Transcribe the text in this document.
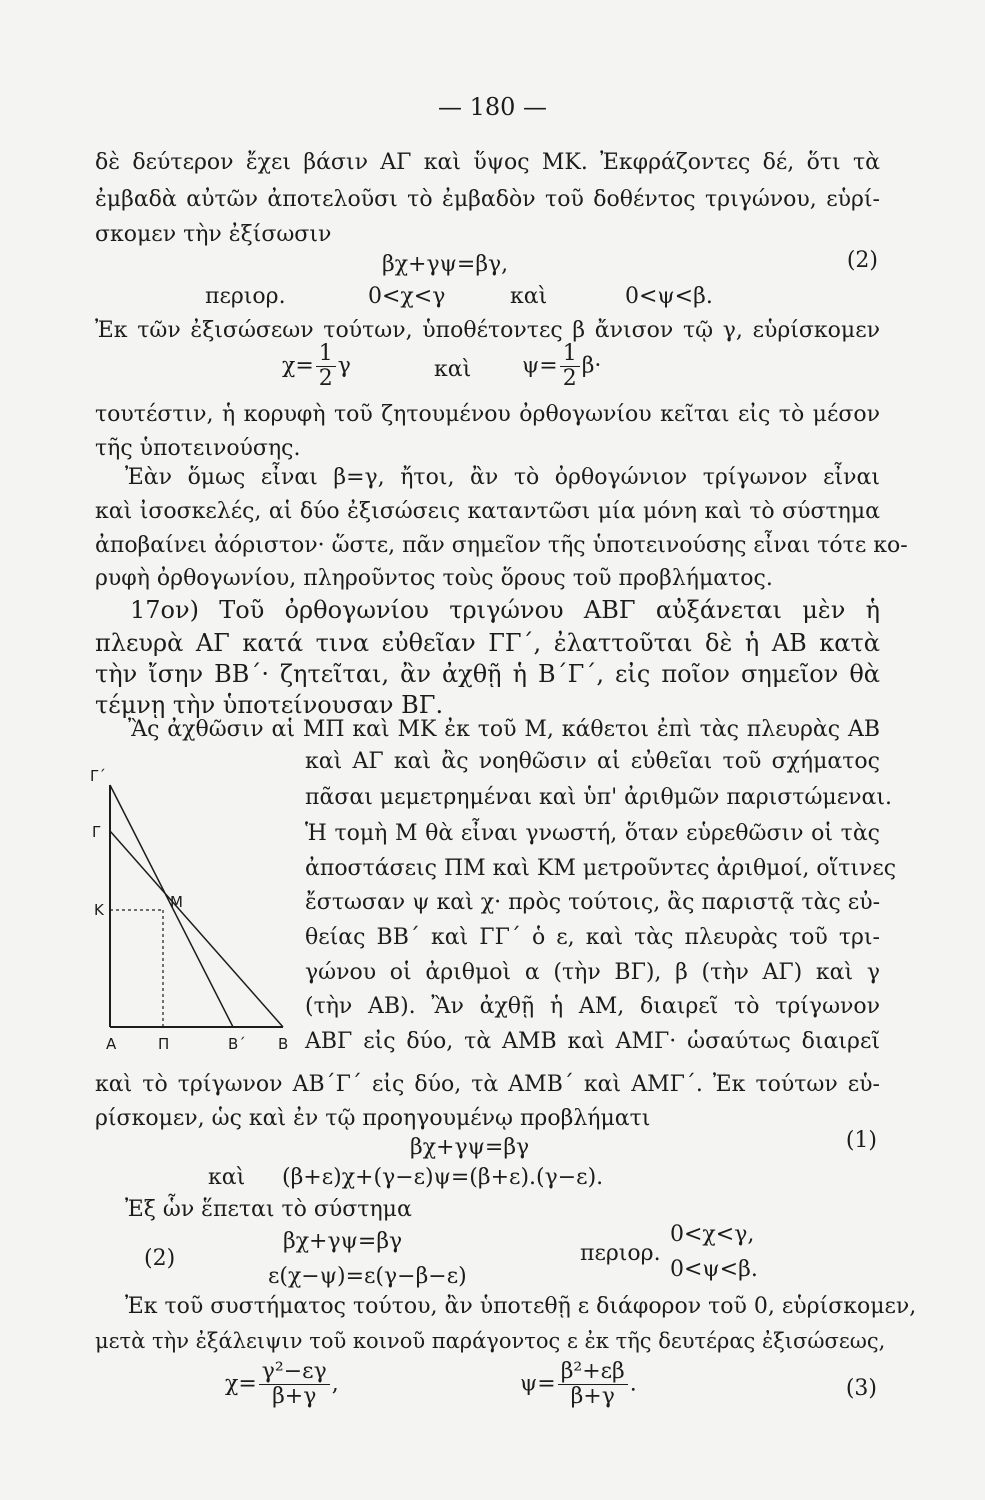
— 180 —
δὲ δεύτερον ἔχει βάσιν ΑΓ καὶ ὕψος ΜΚ. Ἐκφράζοντες δέ, ὅτι τὰ
ἐμβαδὰ αὐτῶν ἀποτελοῦσι τὸ ἐμβαδὸν τοῦ δοθέντος τριγώνου, εὑρί-
σκομεν τὴν ἐξίσωσιν
βχ+γψ=βγ,	(2)
περιορ.	0<χ<γ	καὶ	0<ψ<β.
Ἐκ τῶν ἐξισώσεων τούτων, ὑποθέτοντες β ἄνισον τῷ γ, εὑρίσκομεν
$\chi= \frac{1}{2}$ γ	καὶ $\psi= \frac{1}{2} \beta\cdot$
τουτέστιν, ἡ κορυφὴ τοῦ ζητουμένου ὀρθογωνίου κεῖται εἰς τὸ μέσον
τῆς ὑποτεινούσης.
Ἐὰν ὅμως εἶναι β=γ, ἤτοι, ἂν τὸ ὀρθογώνιον τρίγωνον εἶναι
καὶ ἰσοσκελές, αἱ δύο ἐξισώσεις καταντῶσι μία μόνη καὶ τὸ σύστημα
ἀποβαίνει ἀόριστον· ὥστε, πᾶν σημεῖον τῆς ὑποτεινούσης εἶναι τότε κο-
ρυφὴ ὀρθογωνίου, πληροῦντος τοὺς ὅρους τοῦ προβλήματος.
17ον) Τοῦ ὀρθογωνίου τριγώνου ΑΒΓ αὐξάνεται μὲν ἡ
πλευρὰ ΑΓ κατά τινα εὐθεῖαν ΓΓ΄, ἐλαττοῦται δὲ ἡ ΑΒ κατὰ
τὴν ἴσην ΒΒ΄· ζητεῖται, ἂν ἀχθῇ ἡ Β΄Γ΄, εἰς ποῖον σημεῖον θὰ
τέμνῃ τὴν ὑποτείνουσαν ΒΓ.
Ἂς ἀχθῶσιν αἱ ΜΠ καὶ ΜΚ ἐκ τοῦ Μ, κάθετοι ἐπὶ τὰς πλευρὰς ΑΒ
καὶ ΑΓ καὶ ἂς νοηθῶσιν αἱ εὐθεῖαι τοῦ σχήματος
πᾶσαι μεμετρημέναι καὶ ὑπ' ἀριθμῶν παριστώμεναι.
Ἡ τομὴ Μ θὰ εἶναι γνωστή, ὅταν εὑρεθῶσιν οἱ τὰς
ἀποστάσεις ΠΜ καὶ ΚΜ μετροῦντες ἀριθμοί, οἵτινες
ἔστωσαν ψ καὶ χ· πρὸς τούτοις, ἂς παριστᾷ τὰς εὐ-
θείας ΒΒ΄ καὶ ΓΓ΄ ὁ ε, καὶ τὰς πλευρὰς τοῦ τρι-
γώνου οἱ ἀριθμοὶ α (τὴν ΒΓ), β (τὴν ΑΓ) καὶ γ
(τὴν ΑΒ). Ἂν ἀχθῇ ἡ ΑΜ, διαιρεῖ τὸ τρίγωνον
ΑΒΓ εἰς δύο, τὰ ΑΜΒ καὶ ΑΜΓ· ὡσαύτως διαιρεῖ
Γ΄
Γ
Κ	Μ
Α	Π	Β΄ Β
καὶ τὸ τρίγωνον ΑΒ΄Γ΄ εἰς δύο, τὰ ΑΜΒ΄ καὶ ΑΜΓ΄. Ἐκ τούτων εὑ-
ρίσκομεν, ὡς καὶ ἐν τῷ προηγουμένῳ προβλήματι
βχ+γψ=βγ	(1)
καὶ (β+ε)χ+(γ−ε)ψ=(β+ε).(γ−ε).
Ἐξ ὧν ἕπεται τὸ σύστημα
βχ+γψ=βγ
(2)
ε(χ−ψ)=ε(γ−β−ε)
περιορ.
0<χ<γ,
0<ψ<β.
Ἐκ τοῦ συστήματος τούτου, ἂν ὑποτεθῇ ε διάφορον τοῦ 0, εὑρίσκομεν,
μετὰ τὴν ἐξάλειψιν τοῦ κοινοῦ παράγοντος ε ἐκ τῆς δευτέρας ἐξισώσεως,
$\chi= \frac{\text{γ²−εγ}}{\beta+\gamma}$ ,	$\psi= \frac{\text{β²+εβ}}{\beta+\gamma}$ .	(3)
